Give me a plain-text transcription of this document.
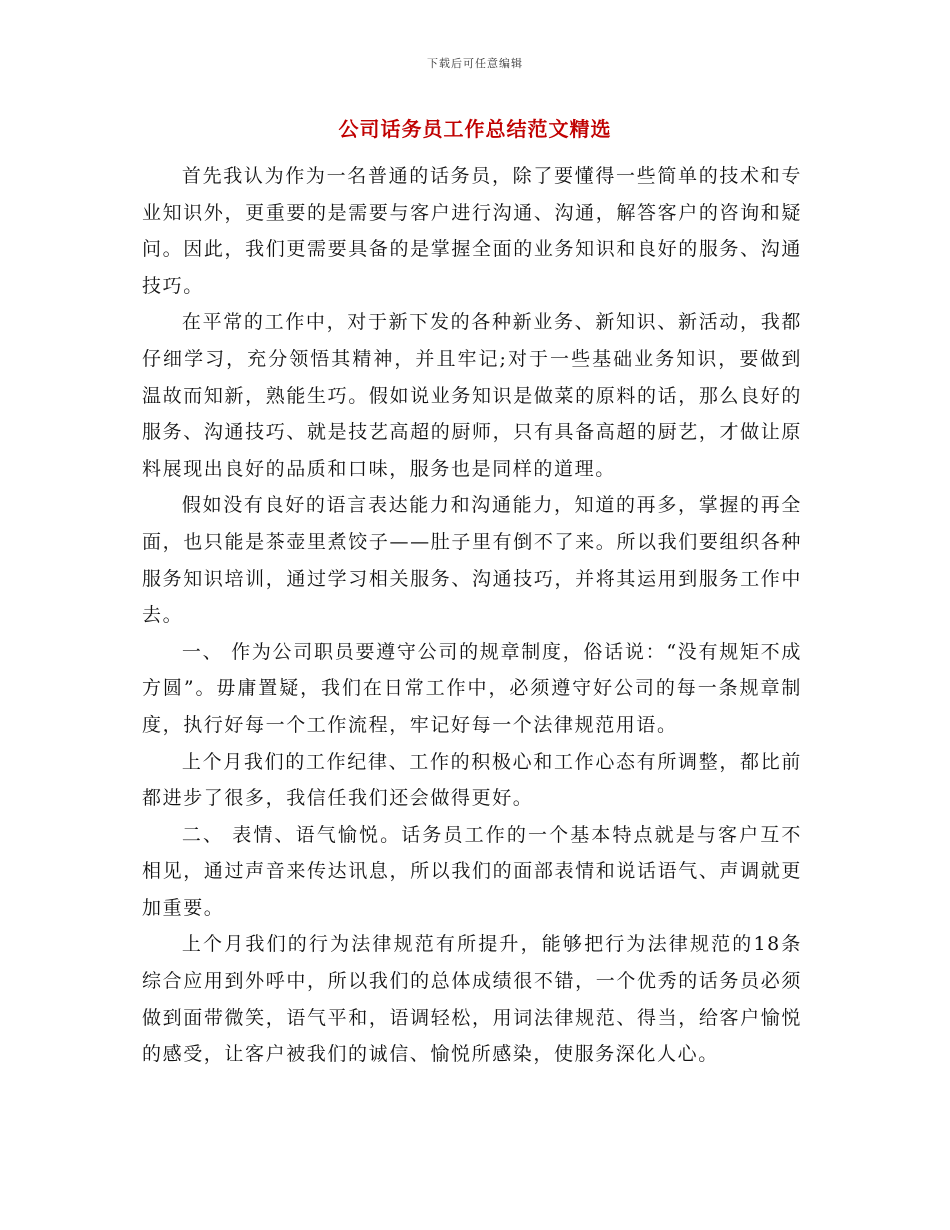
下载后可任意编辑
公司话务员工作总结范文精选

首先我认为作为一名普通的话务员，除了要懂得一些简单的技术和专业知识外，更重要的是需要与客户进行沟通、沟通，解答客户的咨询和疑问。因此，我们更需要具备的是掌握全面的业务知识和良好的服务、沟通技巧。

在平常的工作中，对于新下发的各种新业务、新知识、新活动，我都仔细学习，充分领悟其精神，并且牢记;对于一些基础业务知识，要做到温故而知新，熟能生巧。假如说业务知识是做菜的原料的话，那么良好的服务、沟通技巧、就是技艺高超的厨师，只有具备高超的厨艺，才做让原料展现出良好的品质和口味，服务也是同样的道理。

假如没有良好的语言表达能力和沟通能力，知道的再多，掌握的再全面，也只能是茶壶里煮饺子——肚子里有倒不了来。所以我们要组织各种服务知识培训，通过学习相关服务、沟通技巧，并将其运用到服务工作中去。

一、 作为公司职员要遵守公司的规章制度，俗话说：“没有规矩不成方圆”。毋庸置疑，我们在日常工作中，必须遵守好公司的每一条规章制度，执行好每一个工作流程，牢记好每一个法律规范用语。

上个月我们的工作纪律、工作的积极心和工作心态有所调整，都比前都进步了很多，我信任我们还会做得更好。

二、 表情、语气愉悦。话务员工作的一个基本特点就是与客户互不相见，通过声音来传达讯息，所以我们的面部表情和说话语气、声调就更加重要。

上个月我们的行为法律规范有所提升，能够把行为法律规范的18条综合应用到外呼中，所以我们的总体成绩很不错，一个优秀的话务员必须做到面带微笑，语气平和，语调轻松，用词法律规范、得当，给客户愉悦的感受，让客户被我们的诚信、愉悦所感染，使服务深化人心。
